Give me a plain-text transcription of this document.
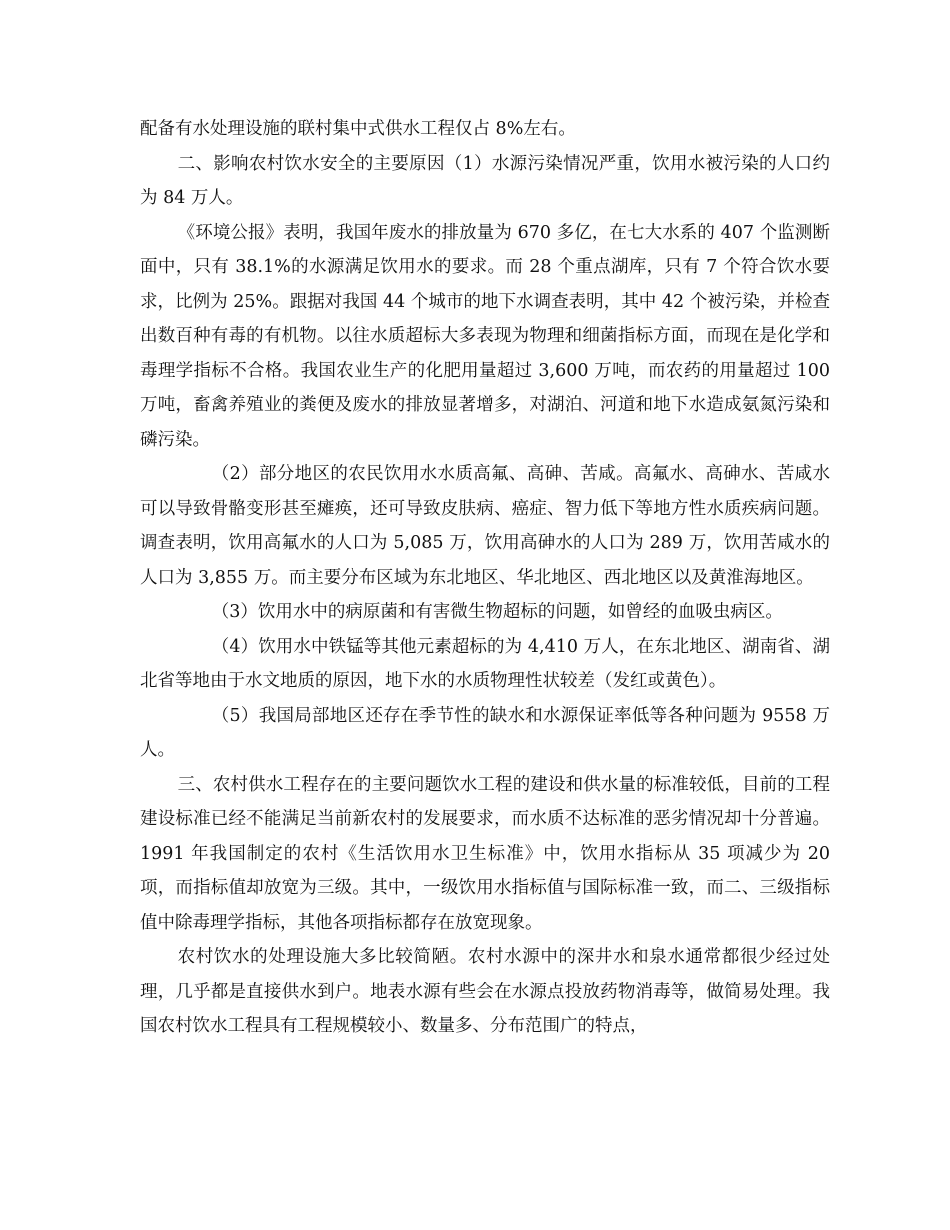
配备有水处理设施的联村集中式供水工程仅占 8%左右。

二、影响农村饮水安全的主要原因（1）水源污染情况严重，饮用水被污染的人口约为 84 万人。

《环境公报》表明，我国年废水的排放量为 670 多亿，在七大水系的 407 个监测断面中，只有 38.1%的水源满足饮用水的要求。而 28 个重点湖库，只有 7 个符合饮水要求，比例为 25%。跟据对我国 44 个城市的地下水调查表明，其中 42 个被污染，并检查出数百种有毒的有机物。以往水质超标大多表现为物理和细菌指标方面，而现在是化学和毒理学指标不合格。我国农业生产的化肥用量超过 3,600 万吨，而农药的用量超过 100 万吨，畜禽养殖业的粪便及废水的排放显著增多，对湖泊、河道和地下水造成氨氮污染和磷污染。

（2）部分地区的农民饮用水水质高氟、高砷、苦咸。高氟水、高砷水、苦咸水可以导致骨骼变形甚至瘫痪，还可导致皮肤病、癌症、智力低下等地方性水质疾病问题。调查表明，饮用高氟水的人口为 5,085 万，饮用高砷水的人口为 289 万，饮用苦咸水的人口为 3,855 万。而主要分布区域为东北地区、华北地区、西北地区以及黄淮海地区。

（3）饮用水中的病原菌和有害微生物超标的问题，如曾经的血吸虫病区。

（4）饮用水中铁锰等其他元素超标的为 4,410 万人，在东北地区、湖南省、湖北省等地由于水文地质的原因，地下水的水质物理性状较差（发红或黄色）。

（5）我国局部地区还存在季节性的缺水和水源保证率低等各种问题为 9558 万人。

三、农村供水工程存在的主要问题饮水工程的建设和供水量的标准较低，目前的工程建设标准已经不能满足当前新农村的发展要求，而水质不达标准的恶劣情况却十分普遍。1991 年我国制定的农村《生活饮用水卫生标准》中，饮用水指标从 35 项减少为 20 项，而指标值却放宽为三级。其中，一级饮用水指标值与国际标准一致，而二、三级指标值中除毒理学指标，其他各项指标都存在放宽现象。

农村饮水的处理设施大多比较简陋。农村水源中的深井水和泉水通常都很少经过处理，几乎都是直接供水到户。地表水源有些会在水源点投放药物消毒等，做简易处理。我国农村饮水工程具有工程规模较小、数量多、分布范围广的特点，
